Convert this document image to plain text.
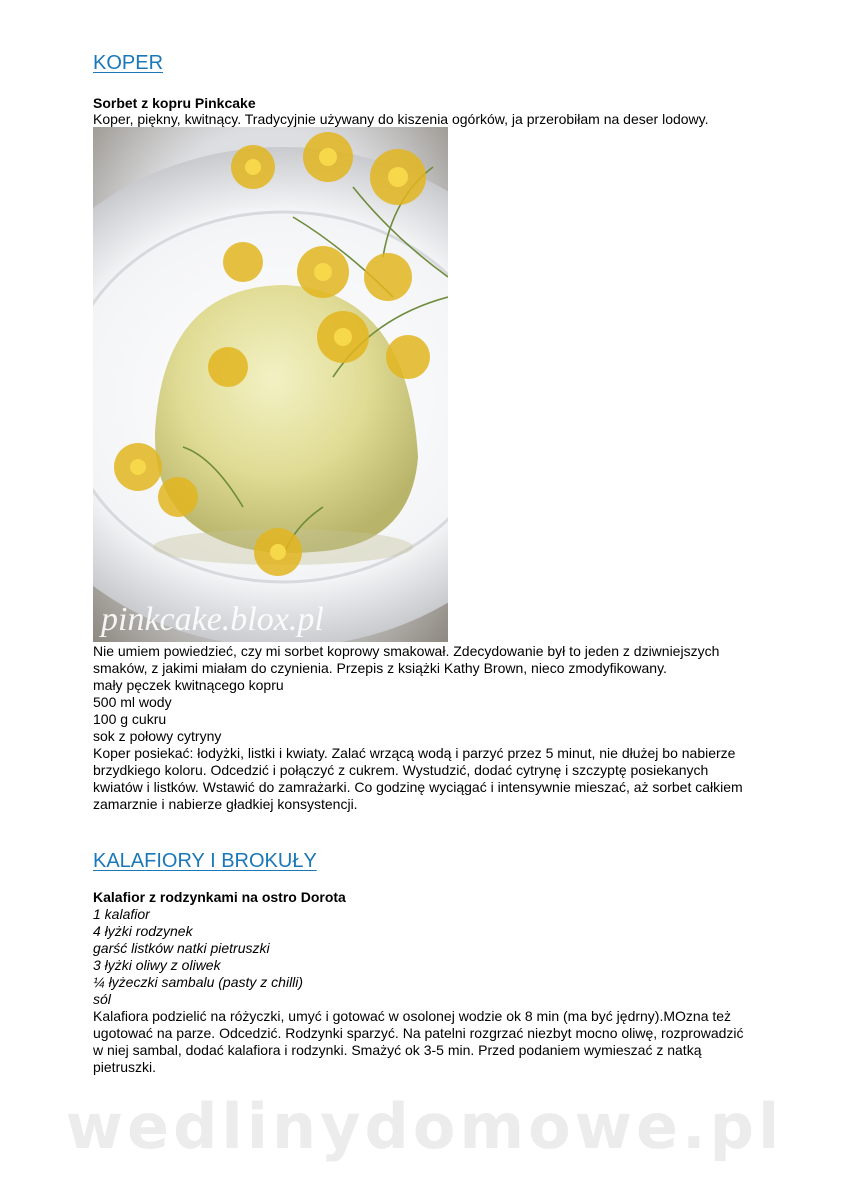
KOPER
Sorbet z kopru Pinkcake
Koper, piękny, kwitnący. Tradycyjnie używany do kiszenia ogórków, ja przerobiłam na deser lodowy.
pinkcake.blox.pl
Nie umiem powiedzieć, czy mi sorbet koprowy smakował. Zdecydowanie był to jeden z dziwniejszych
smaków, z jakimi miałam do czynienia. Przepis z książki Kathy Brown, nieco zmodyfikowany.
mały pęczek kwitnącego kopru
500 ml wody
100 g cukru
sok z połowy cytryny
Koper posiekać: łodyżki, listki i kwiaty. Zalać wrzącą wodą i parzyć przez 5 minut, nie dłużej bo nabierze
brzydkiego koloru. Odcedzić i połączyć z cukrem. Wystudzić, dodać cytrynę i szczyptę posiekanych
kwiatów i listków. Wstawić do zamrażarki. Co godzinę wyciągać i intensywnie mieszać, aż sorbet całkiem
zamarznie i nabierze gładkiej konsystencji.
KALAFIORY I BROKUŁY
Kalafior z rodzynkami na ostro Dorota
1 kalafior
4 łyżki rodzynek
garść listków natki pietruszki
3 łyżki oliwy z oliwek
¼ łyżeczki sambalu (pasty z chilli)
sól
Kalafiora podzielić na różyczki, umyć i gotować w osolonej wodzie ok 8 min (ma być jędrny).MOzna też
ugotować na parze. Odcedzić. Rodzynki sparzyć. Na patelni rozgrzać niezbyt mocno oliwę, rozprowadzić
w niej sambal, dodać kalafiora i rodzynki. Smażyć ok 3-5 min. Przed podaniem wymieszać z natką
pietruszki.
wedlinydomowe.pl
